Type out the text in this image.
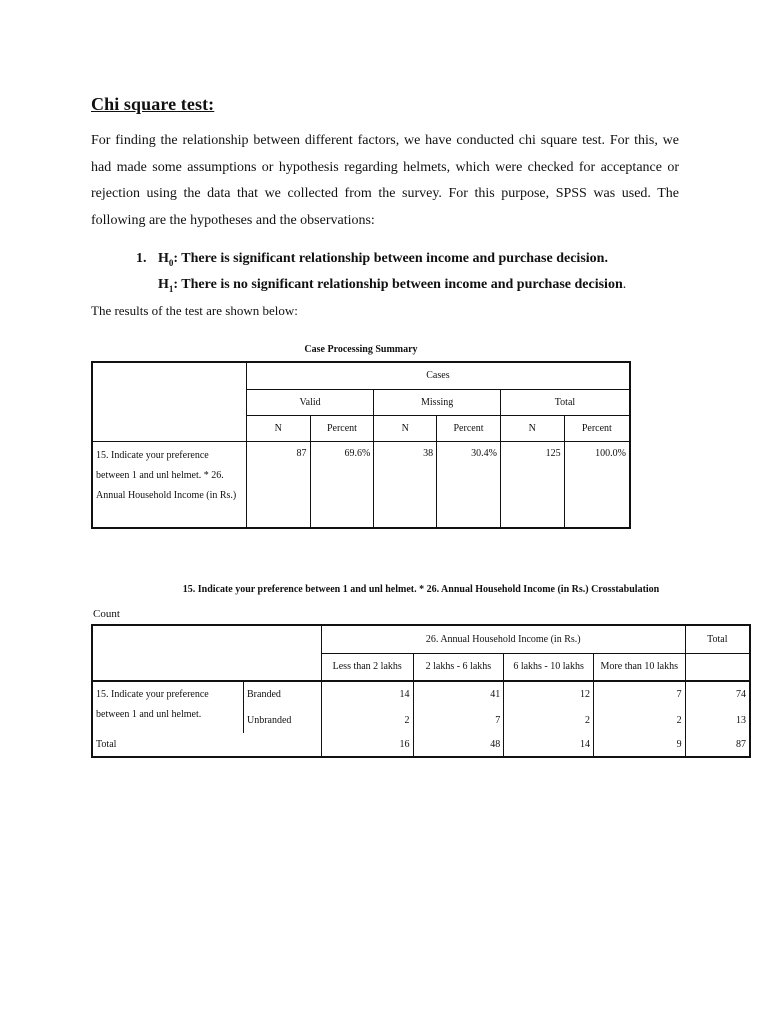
Chi square test:

For finding the relationship between different factors, we have conducted chi square test. For this, we had made some assumptions or hypothesis regarding helmets, which were checked for acceptance or rejection using the data that we collected from the survey. For this purpose, SPSS was used. The following are the hypotheses and the observations:

1. $H_0$: There is significant relationship between income and purchase decision.
$H_1$: There is no significant relationship between income and purchase decision.
The results of the test are shown below:
Case Processing Summary
	Cases					
	Valid		Missing		Total	
	N	Percent	N	Percent	N	Percent
15. Indicate your preference between 1 and unl helmet. * 26. Annual Household Income (in Rs.)	87	69.6%	38	30.4%	125	100.0%
15. Indicate your preference between 1 and unl helmet. * 26. Annual Household Income (in Rs.) Crosstabulation
Count
		26. Annual Household Income (in Rs.)				Total
		Less than 2 lakhs	2 lakhs - 6 lakhs	6 lakhs - 10 lakhs	More than 10 lakhs	
15. Indicate your preference between 1 and unl helmet.	Branded	14	41	12	7	74
	Unbranded	2	7	2	2	13
Total		16	48	14	9	87
